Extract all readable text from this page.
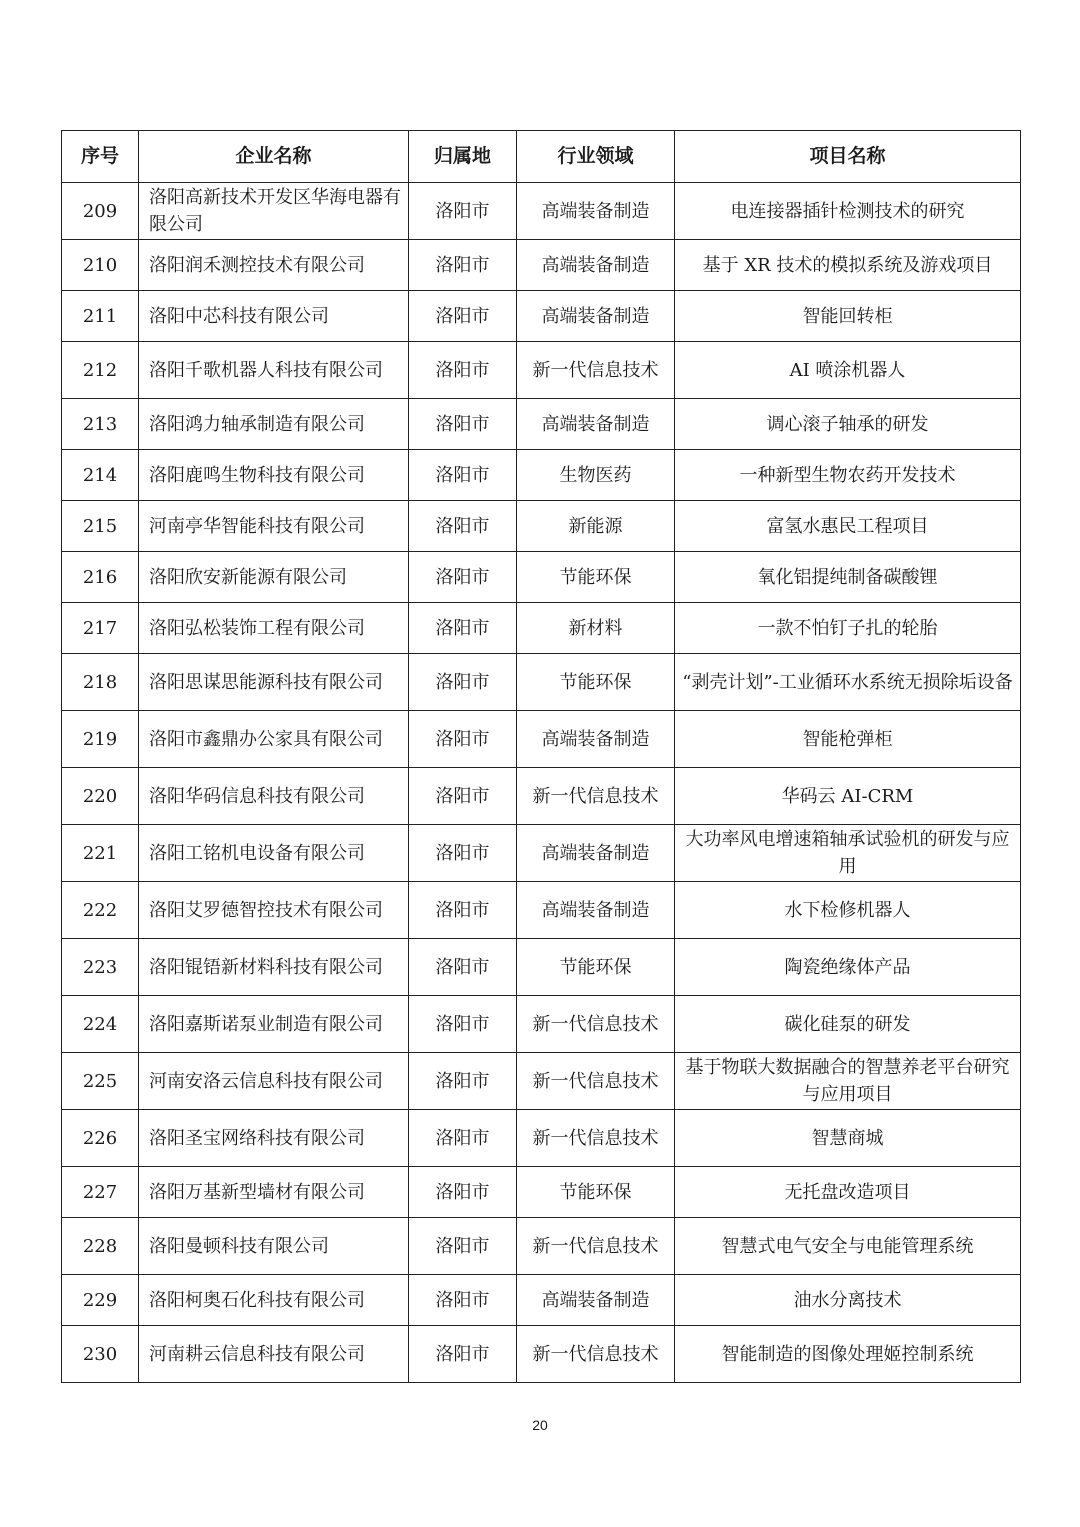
序号	企业名称	归属地	行业领域	项目名称
209	洛阳高新技术开发区华海电器有限公司	洛阳市	高端装备制造	电连接器插针检测技术的研究
210	洛阳润禾测控技术有限公司	洛阳市	高端装备制造	基于 XR 技术的模拟系统及游戏项目
211	洛阳中芯科技有限公司	洛阳市	高端装备制造	智能回转柜
212	洛阳千歌机器人科技有限公司	洛阳市	新一代信息技术	AI 喷涂机器人
213	洛阳鸿力轴承制造有限公司	洛阳市	高端装备制造	调心滚子轴承的研发
214	洛阳鹿鸣生物科技有限公司	洛阳市	生物医药	一种新型生物农药开发技术
215	河南亭华智能科技有限公司	洛阳市	新能源	富氢水惠民工程项目
216	洛阳欣安新能源有限公司	洛阳市	节能环保	氧化铝提纯制备碳酸锂
217	洛阳弘松装饰工程有限公司	洛阳市	新材料	一款不怕钉子扎的轮胎
218	洛阳思谋思能源科技有限公司	洛阳市	节能环保	“剥壳计划”-工业循环水系统无损除垢设备
219	洛阳市鑫鼎办公家具有限公司	洛阳市	高端装备制造	智能枪弹柜
220	洛阳华码信息科技有限公司	洛阳市	新一代信息技术	华码云 AI-CRM
221	洛阳工铭机电设备有限公司	洛阳市	高端装备制造	大功率风电增速箱轴承试验机的研发与应用
222	洛阳艾罗德智控技术有限公司	洛阳市	高端装备制造	水下检修机器人
223	洛阳锟铻新材料科技有限公司	洛阳市	节能环保	陶瓷绝缘体产品
224	洛阳嘉斯诺泵业制造有限公司	洛阳市	新一代信息技术	碳化硅泵的研发
225	河南安洛云信息科技有限公司	洛阳市	新一代信息技术	基于物联大数据融合的智慧养老平台研究与应用项目
226	洛阳圣宝网络科技有限公司	洛阳市	新一代信息技术	智慧商城
227	洛阳万基新型墙材有限公司	洛阳市	节能环保	无托盘改造项目
228	洛阳曼顿科技有限公司	洛阳市	新一代信息技术	智慧式电气安全与电能管理系统
229	洛阳柯奥石化科技有限公司	洛阳市	高端装备制造	油水分离技术
230	河南耕云信息科技有限公司	洛阳市	新一代信息技术	智能制造的图像处理姬控制系统
20
